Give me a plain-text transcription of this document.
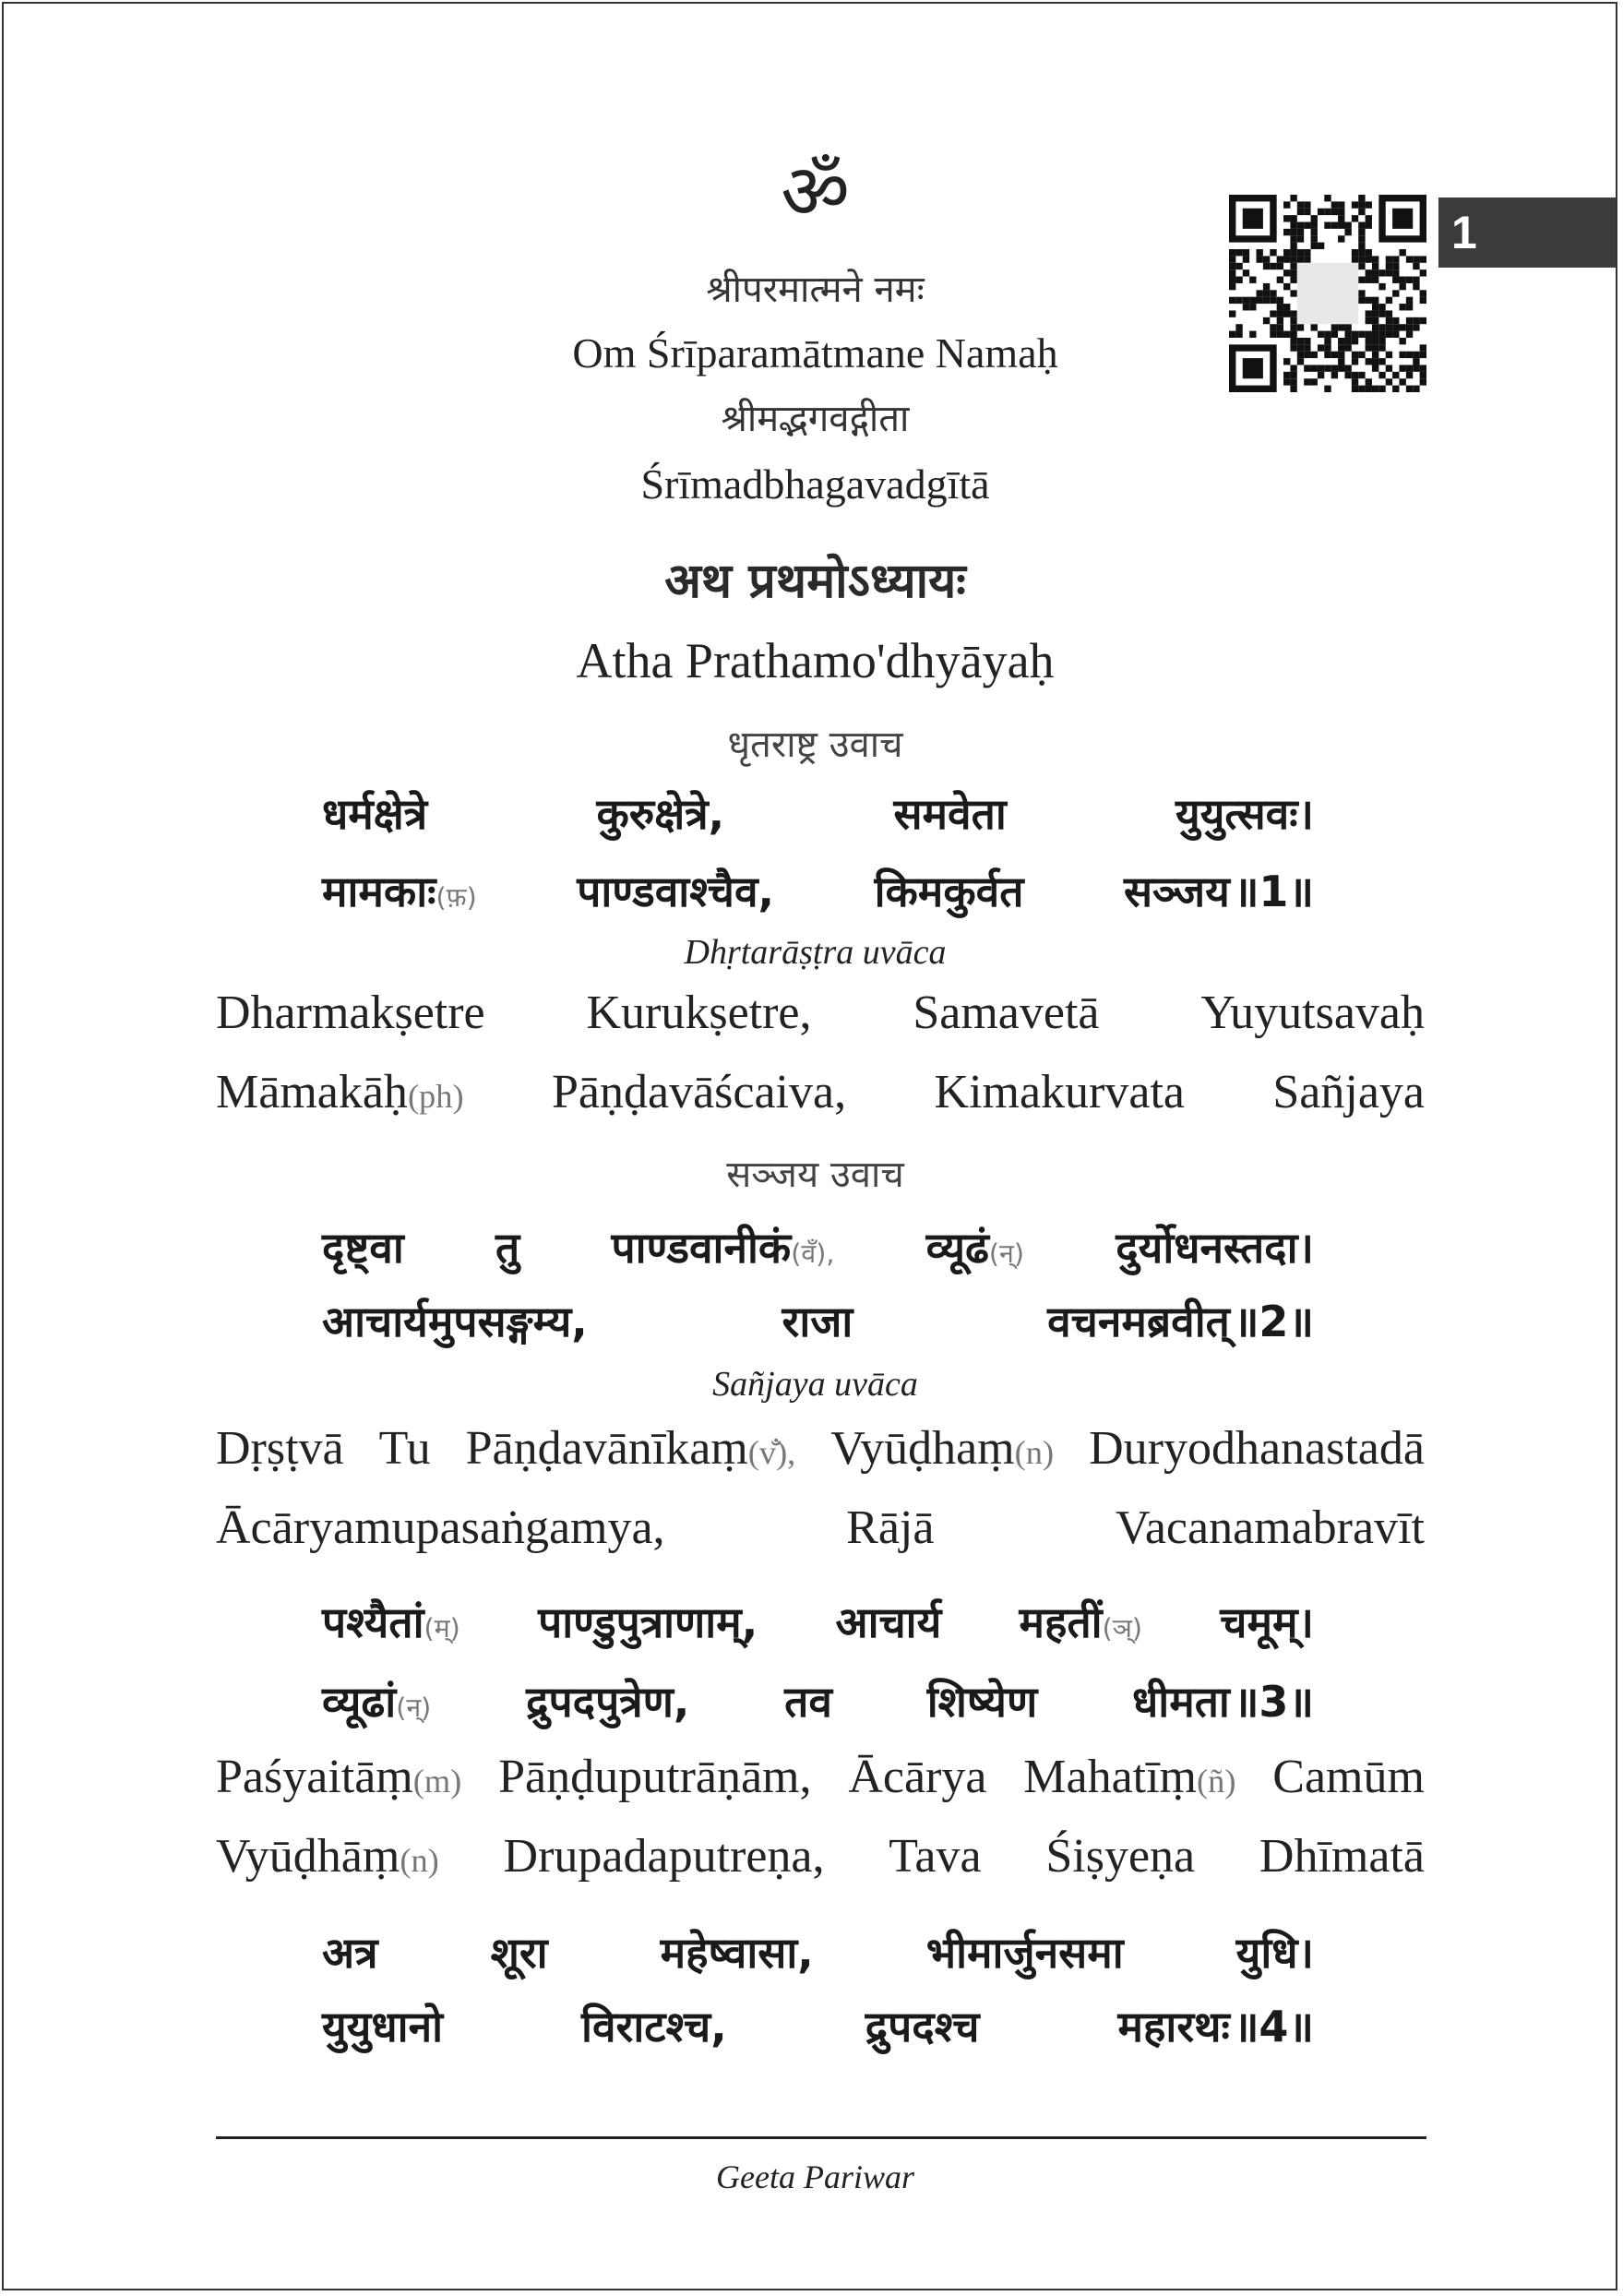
1
ॐ
श्रीपरमात्मने नमः
Om Śrīparamātmane Namaḥ
श्रीमद्भगवद्गीता
Śrīmadbhagavadgītā
अथ प्रथमोऽध्यायः
Atha Prathamo'dhyāyaḥ
धृतराष्ट्र उवाच
धर्मक्षेत्रे	कुरुक्षेत्रे,	समवेता	युयुत्सवः।
मामकाः(फ़) पाण्डवाश्चैव, किमकुर्वत सञ्जय॥1॥
Dhṛtarāṣṭra uvāca
Dharmakṣetre Kurukṣetre, Samavetā Yuyutsavaḥ
Māmakāḥ(ph) Pāṇḍavāścaiva, Kimakurvata Sañjaya
सञ्जय उवाच
दृष्ट्वा तु पाण्डवानीकं(वँ), व्यूढं(न्) दुर्योधनस्तदा।
आचार्यमुपसङ्गम्य,	राजा	वचनमब्रवीत्॥2॥
Sañjaya uvāca
Dṛṣṭvā Tu Pāṇḍavānīkaṃ(v̐), Vyūḍhaṃ(n) Duryodhanastadā
Ācāryamupasaṅgamya,	Rājā	Vacanamabravīt
पश्यैतां(म्) पाण्डुपुत्राणाम्, आचार्य महतीं(ञ्) चमूम्।
व्यूढां(न्) द्रुपदपुत्रेण, तव शिष्येण धीमता॥3॥
Paśyaitāṃ(m) Pāṇḍuputrāṇām, Ācārya Mahatīṃ(ñ) Camūm
Vyūḍhāṃ(n) Drupadaputreṇa, Tava Śiṣyeṇa Dhīmatā
अत्र	शूरा	महेष्वासा,	भीमार्जुनसमा	युधि।
युयुधानो	विराटश्च,	द्रुपदश्च	महारथः॥4॥
Geeta Pariwar
